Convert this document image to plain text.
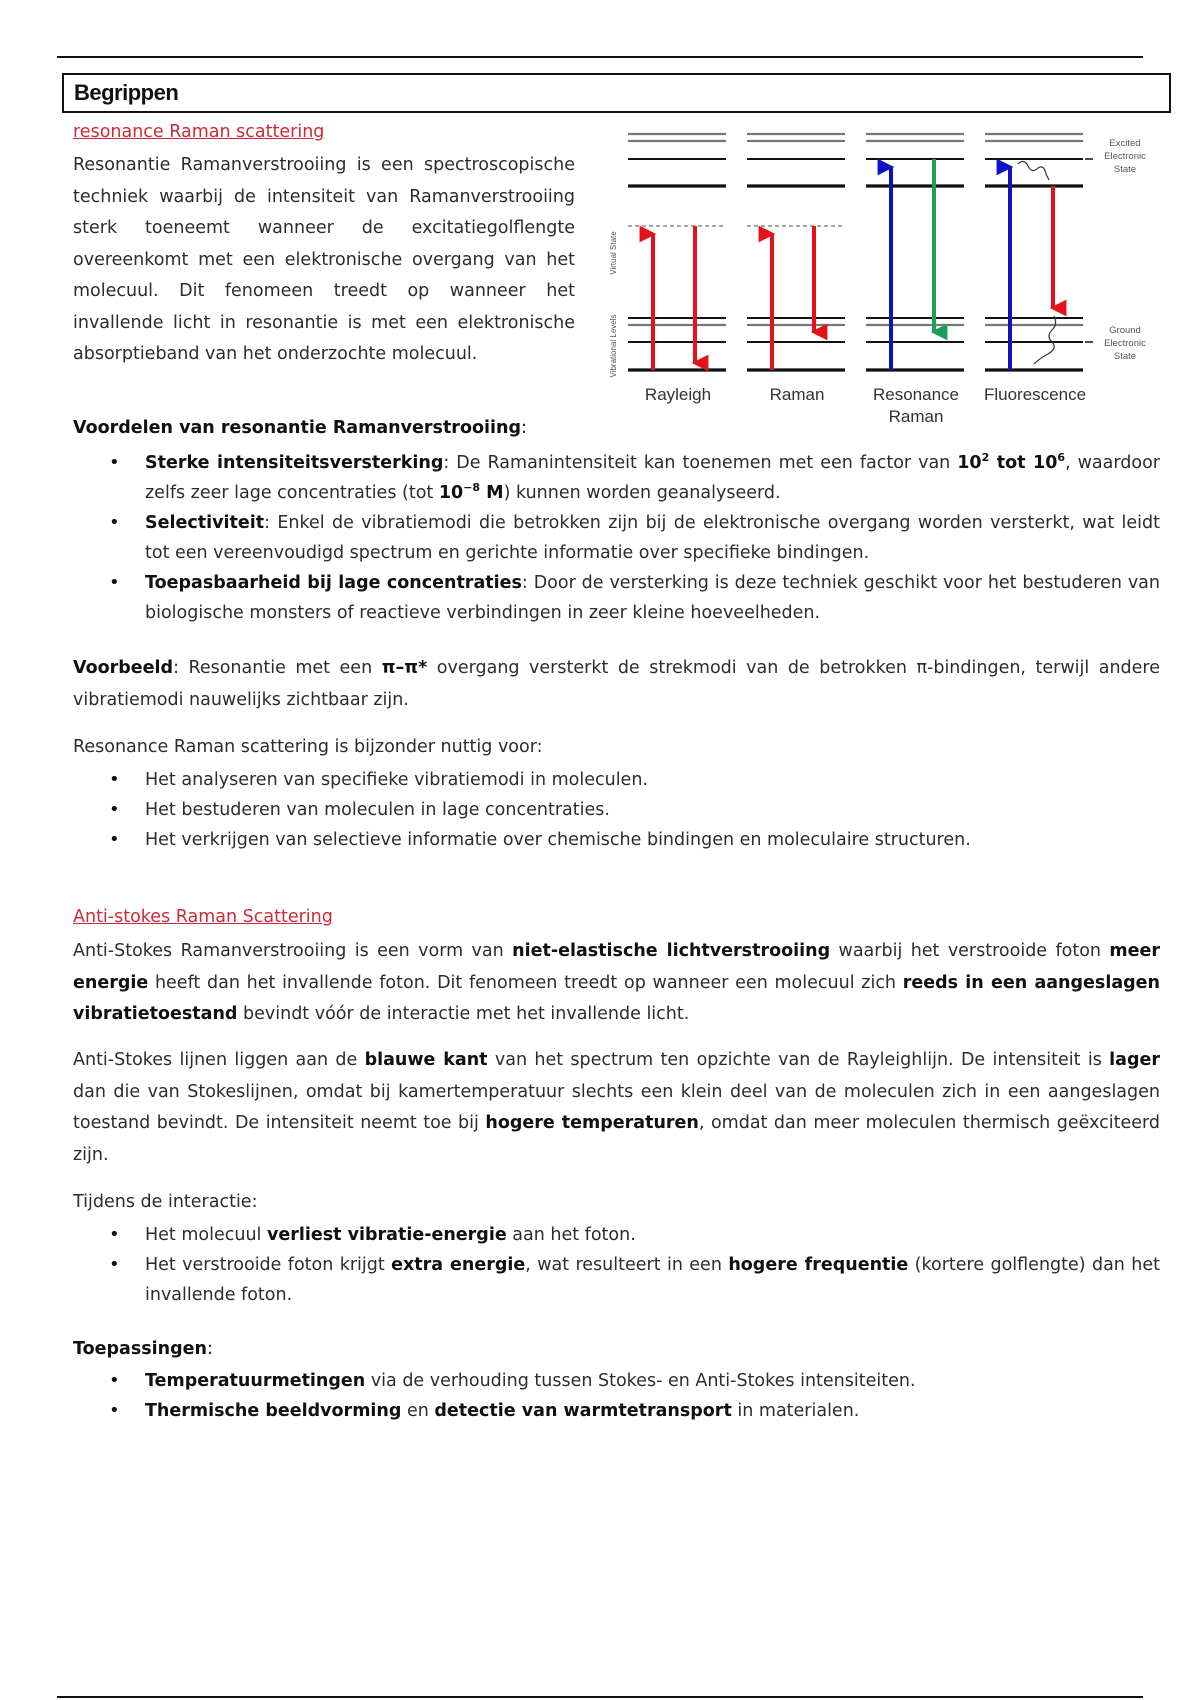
Begrippen
resonance Raman scattering
Resonantie Ramanverstrooiing is een spectroscopische techniek waarbij de intensiteit van Ramanverstrooiing sterk toeneemt wanneer de excitatiegolflengte overeenkomt met een elektronische overgang van het molecuul. Dit fenomeen treedt op wanneer het invallende licht in resonantie is met een elektronische absorptieband van het onderzochte molecuul.
Virtual State
Vibrational Levels
Excited
Electronic
State
Ground
Electronic
State
Rayleigh	Raman	Resonance
Raman
Fluorescence
Voordelen van resonantie Ramanverstrooiing:
• Sterke intensiteitsversterking: De Ramanintensiteit kan toenemen met een factor van $10^2$ tot $10^6$, waardoor zelfs zeer lage concentraties (tot $10^{-8}$ M) kunnen worden geanalyseerd.
• Selectiviteit: Enkel de vibratiemodi die betrokken zijn bij de elektronische overgang worden versterkt, wat leidt tot een vereenvoudigd spectrum en gerichte informatie over specifieke bindingen.
• Toepasbaarheid bij lage concentraties: Door de versterking is deze techniek geschikt voor het bestuderen van biologische monsters of reactieve verbindingen in zeer kleine hoeveelheden.
Voorbeeld: Resonantie met een π–π* overgang versterkt de strekmodi van de betrokken π-bindingen, terwijl andere vibratiemodi nauwelijks zichtbaar zijn.
Resonance Raman scattering is bijzonder nuttig voor:
• Het analyseren van specifieke vibratiemodi in moleculen.
• Het bestuderen van moleculen in lage concentraties.
• Het verkrijgen van selectieve informatie over chemische bindingen en moleculaire structuren.
Anti-stokes Raman Scattering
Anti-Stokes Ramanverstrooiing is een vorm van niet-elastische lichtverstrooiing waarbij het verstrooide foton meer energie heeft dan het invallende foton. Dit fenomeen treedt op wanneer een molecuul zich reeds in een aangeslagen vibratietoestand bevindt vóór de interactie met het invallende licht.
Anti-Stokes lijnen liggen aan de blauwe kant van het spectrum ten opzichte van de Rayleighlijn. De intensiteit is lager dan die van Stokeslijnen, omdat bij kamertemperatuur slechts een klein deel van de moleculen zich in een aangeslagen toestand bevindt. De intensiteit neemt toe bij hogere temperaturen, omdat dan meer moleculen thermisch geëxciteerd zijn.
Tijdens de interactie:
• Het molecuul verliest vibratie-energie aan het foton.
• Het verstrooide foton krijgt extra energie, wat resulteert in een hogere frequentie (kortere golflengte) dan het invallende foton.
Toepassingen:
• Temperatuurmetingen via de verhouding tussen Stokes- en Anti-Stokes intensiteiten.
• Thermische beeldvorming en detectie van warmtetransport in materialen.
